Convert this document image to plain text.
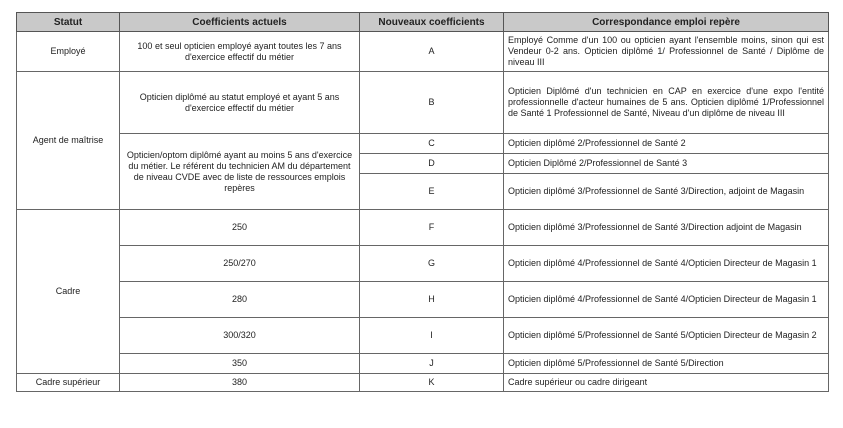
Statut	Coefficients actuels	Nouveaux coefficients	Correspondance emploi repère
Employé	100 et seul opticien employé ayant toutes les 7 ans d'exercice effectif du métier	A	Employé Comme d'un 100 ou opticien ayant l'ensemble moins, sinon qui est Vendeur 0-2 ans. Opticien diplômé 1/ Professionnel de Santé / Diplôme de niveau III
Agent de maîtrise	Opticien diplômé au statut employé et ayant 5 ans d'exercice effectif du métier	B	Opticien Diplômé d'un technicien en CAP en exercice d'une expo l'entité professionnelle d'acteur humaines de 5 ans. Opticien diplômé 1/Professionnel de Santé 1 Professionnel de Santé, Niveau d'un diplôme de niveau III
	Opticien/optom diplômé ayant au moins 5 ans d'exercice du métier. Le référent du technicien AM du département de niveau CVDE avec de liste de ressources emplois repères	C	Opticien diplômé 2/Professionnel de Santé 2
		D	Opticien Diplômé 2/Professionnel de Santé 3
		E	Opticien diplômé 3/Professionnel de Santé 3/Direction, adjoint de Magasin
Cadre	250	F	Opticien diplômé 3/Professionnel de Santé 3/Direction adjoint de Magasin
	250/270	G	Opticien diplômé 4/Professionnel de Santé 4/Opticien Directeur de Magasin 1
	280	H	Opticien diplômé 4/Professionnel de Santé 4/Opticien Directeur de Magasin 1
	300/320	I	Opticien diplômé 5/Professionnel de Santé 5/Opticien Directeur de Magasin 2
	350	J	Opticien diplômé 5/Professionnel de Santé 5/Direction
Cadre supérieur	380	K	Cadre supérieur ou cadre dirigeant
